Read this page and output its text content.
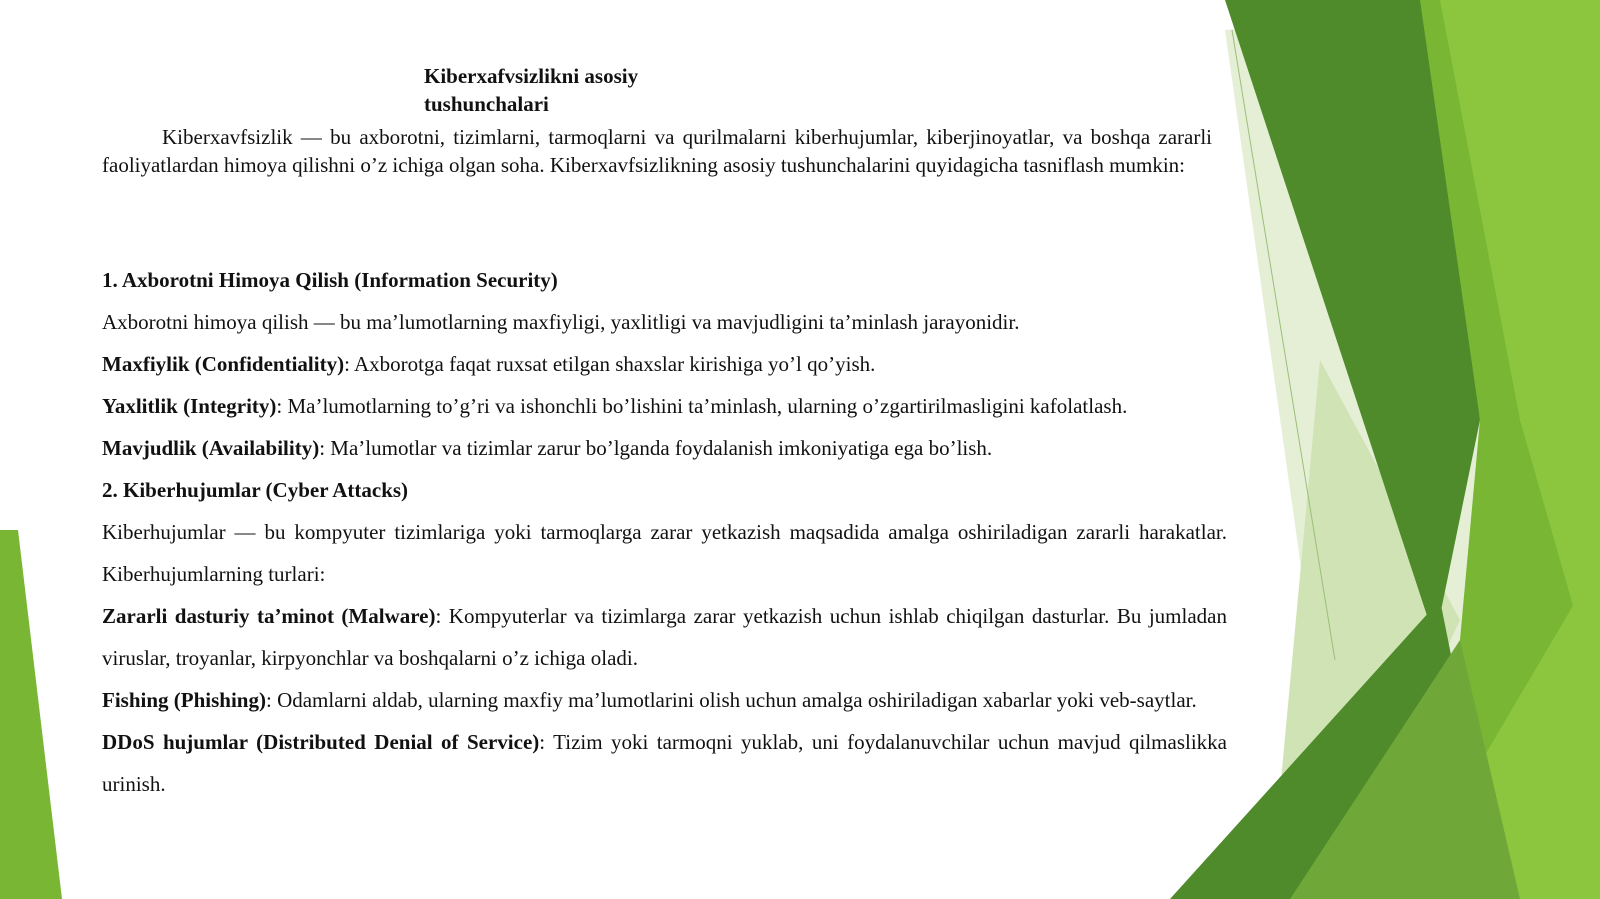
Kiberxafvsizlikni asosiy
tushunchalari

Kiberxavfsizlik — bu axborotni, tizimlarni, tarmoqlarni va qurilmalarni kiberhujumlar, kiberjinoyatlar, va boshqa zararli faoliyatlardan himoya qilishni o’z ichiga olgan soha. Kiberxavfsizlikning asosiy tushunchalarini quyidagicha tasniflash mumkin:

1. Axborotni Himoya Qilish (Information Security)

Axborotni himoya qilish — bu ma’lumotlarning maxfiyligi, yaxlitligi va mavjudligini ta’minlash jarayonidir.

Maxfiylik (Confidentiality): Axborotga faqat ruxsat etilgan shaxslar kirishiga yo’l qo’yish.

Yaxlitlik (Integrity): Ma’lumotlarning to’g’ri va ishonchli bo’lishini ta’minlash, ularning o’zgartirilmasligini kafolatlash.

Mavjudlik (Availability): Ma’lumotlar va tizimlar zarur bo’lganda foydalanish imkoniyatiga ega bo’lish.

2. Kiberhujumlar (Cyber Attacks)

Kiberhujumlar — bu kompyuter tizimlariga yoki tarmoqlarga zarar yetkazish maqsadida amalga oshiriladigan zararli harakatlar. Kiberhujumlarning turlari:

Zararli dasturiy ta’minot (Malware): Kompyuterlar va tizimlarga zarar yetkazish uchun ishlab chiqilgan dasturlar. Bu jumladan viruslar, troyanlar, kirpyonchlar va boshqalarni o’z ichiga oladi.

Fishing (Phishing): Odamlarni aldab, ularning maxfiy ma’lumotlarini olish uchun amalga oshiriladigan xabarlar yoki veb-saytlar.

DDoS hujumlar (Distributed Denial of Service): Tizim yoki tarmoqni yuklab, uni foydalanuvchilar uchun mavjud qilmaslikka urinish.
